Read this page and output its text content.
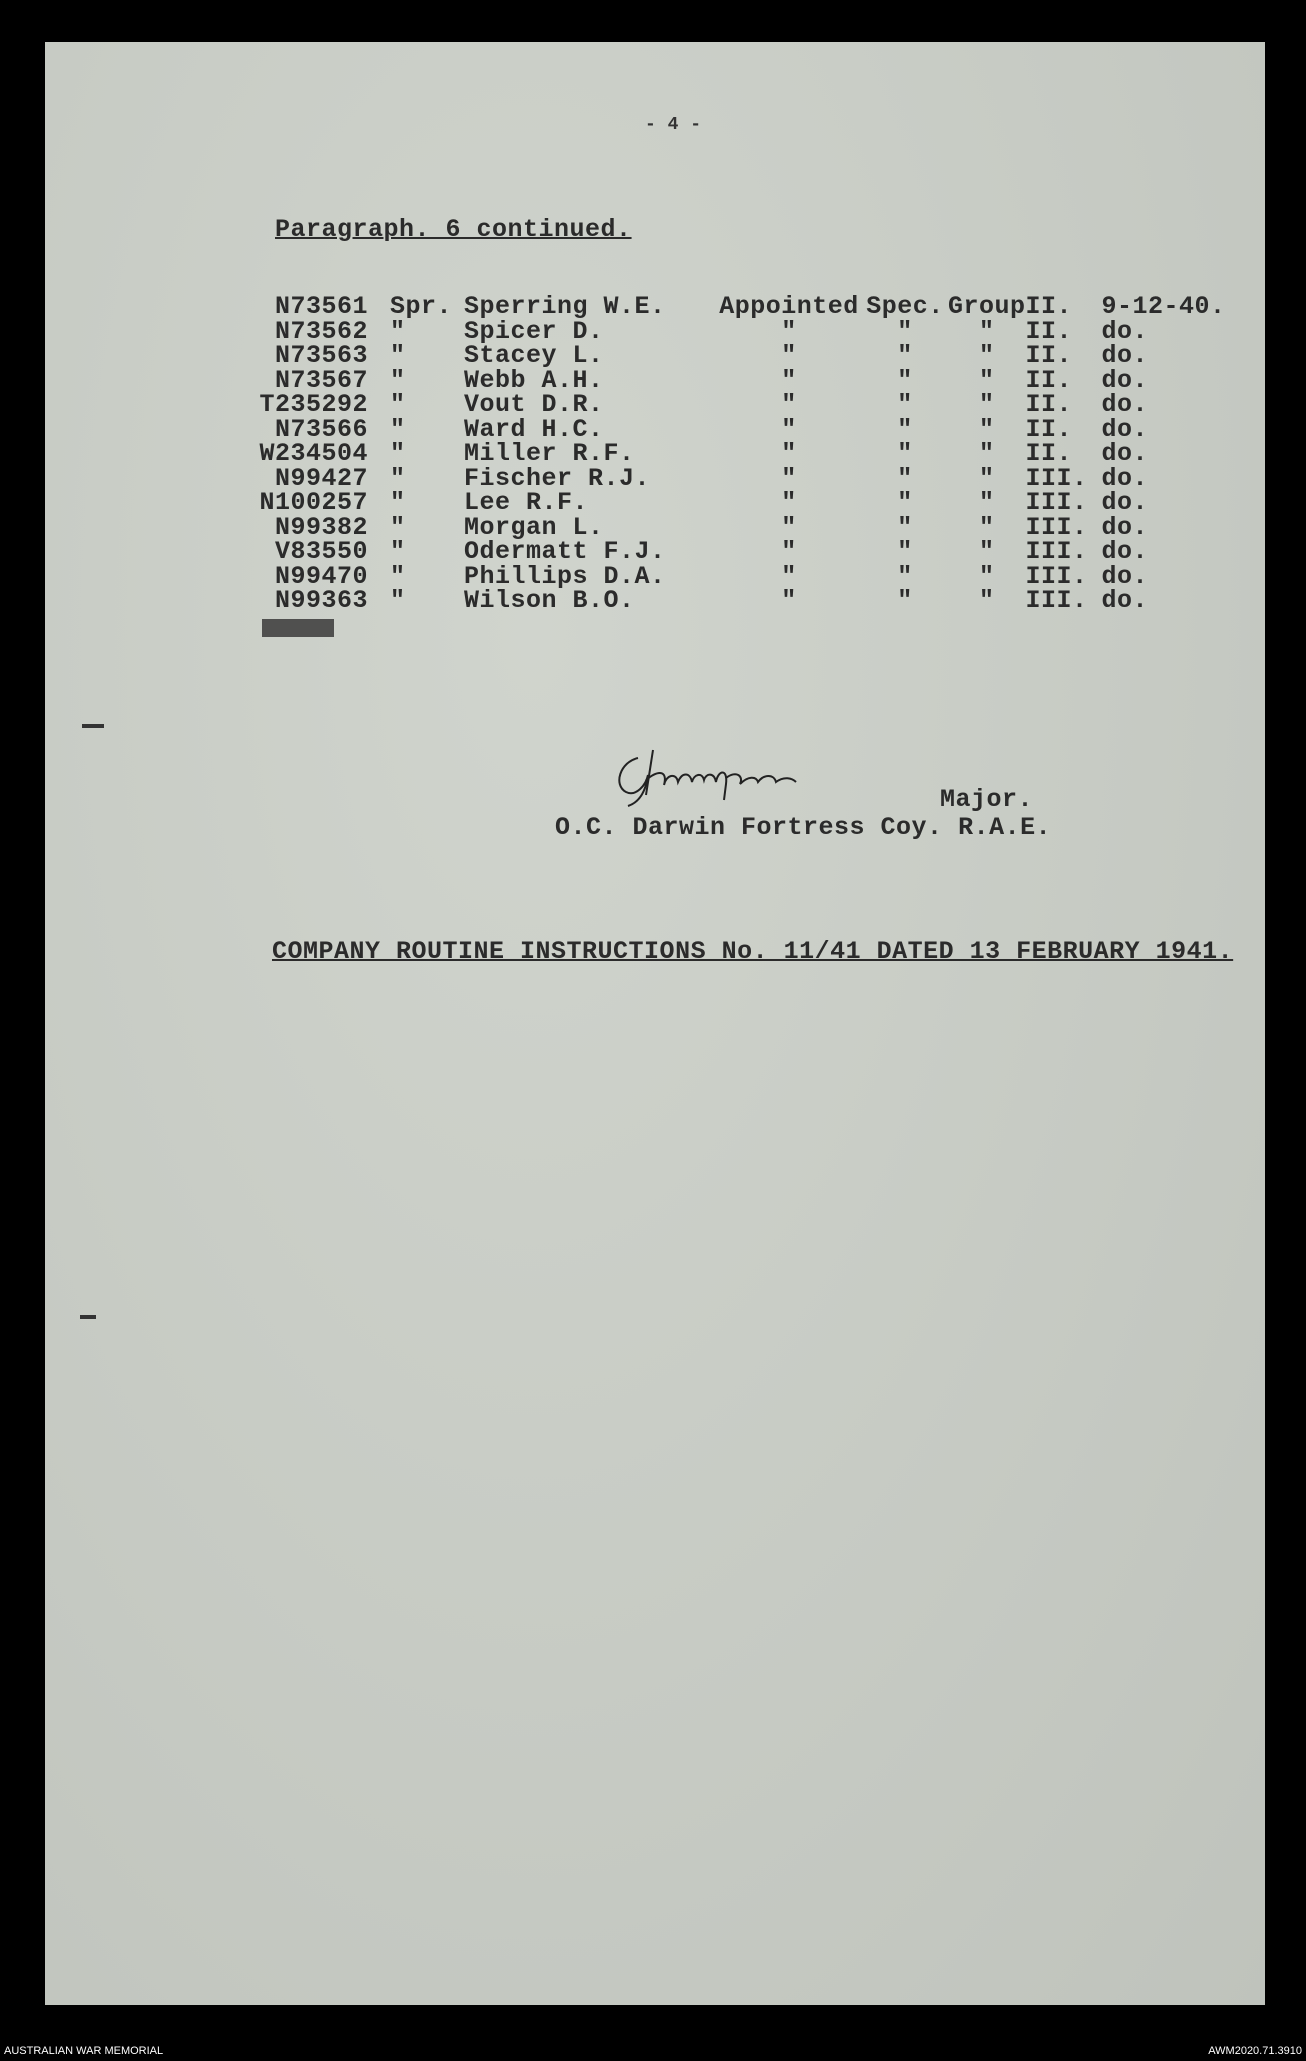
- 4 -
Paragraph. 6 continued.
N73561	Spr.	Sperring W.E.	Appointed	Spec.	Group	II.	9-12-40.
N73562	"	Spicer D.	"	"	"	II.	do.
N73563	"	Stacey L.	"	"	"	II.	do.
N73567	"	Webb A.H.	"	"	"	II.	do.
T235292	"	Vout D.R.	"	"	"	II.	do.
N73566	"	Ward H.C.	"	"	"	II.	do.
W234504	"	Miller R.F.	"	"	"	II.	do.
N99427	"	Fischer R.J.	"	"	"	III.	do.
N100257	"	Lee R.F.	"	"	"	III.	do.
N99382	"	Morgan L.	"	"	"	III.	do.
V83550	"	Odermatt F.J.	"	"	"	III.	do.
N99470	"	Phillips D.A.	"	"	"	III.	do.
N99363	"	Wilson B.O.	"	"	"	III.	do.
Major.
O.C. Darwin Fortress Coy. R.A.E.
COMPANY ROUTINE INSTRUCTIONS No. 11/41 DATED 13 FEBRUARY 1941.
AUSTRALIAN WAR MEMORIAL	AWM2020.71.3910
